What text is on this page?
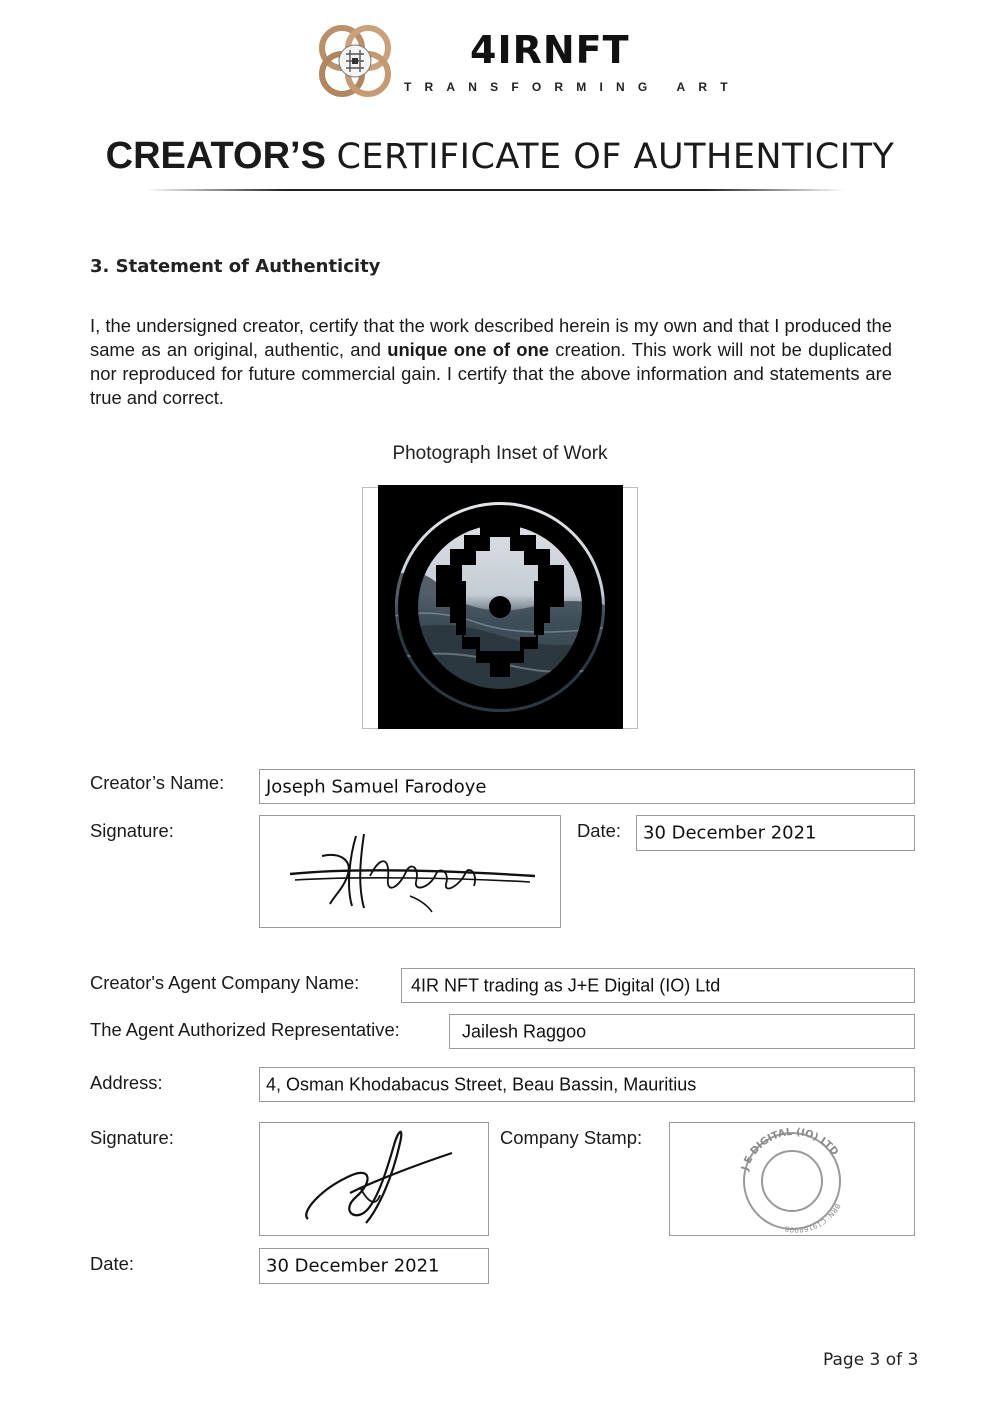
4IRNFT
TRANSFORMING ART
CREATOR’S CERTIFICATE OF AUTHENTICITY
3. Statement of Authenticity
I, the undersigned creator, certify that the work described herein is my own and that I produced the same as an original, authentic, and unique one of one creation. This work will not be duplicated nor reproduced for future commercial gain. I certify that the above information and statements are true and correct.
Photograph Inset of Work
Creator’s Name: Joseph Samuel Farodoye
Signature:	Date: 30 December 2021
Creator's Agent Company Name:	4IR NFT trading as J+E Digital (IO) Ltd
The Agent Authorized Representative:	Jailesh Raggoo
Address:	4, Osman Khodabacus Street, Beau Bassin, Mauritius
Signature:	Company Stamp:
J E DIGITAL (IO) LTD
BRN: C19168008
Date:	30 December 2021
Page 3 of 3
